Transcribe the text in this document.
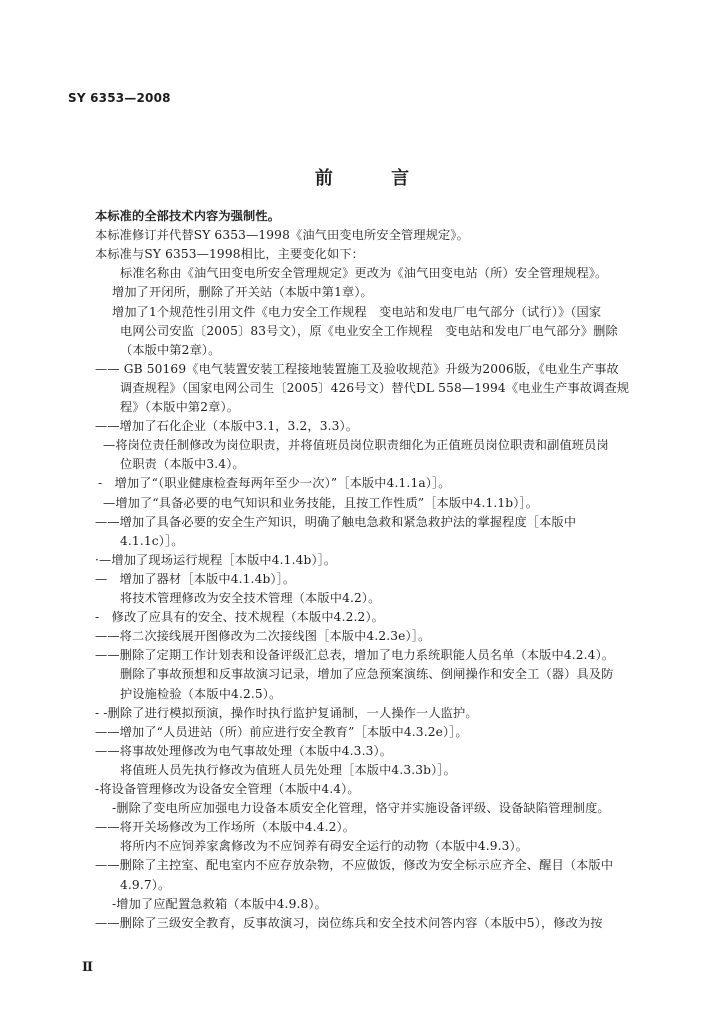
SY 6353—2008
前 言
本标准的全部技术内容为强制性。
本标准修订并代替SY 6353—1998《油气田变电所安全管理规定》。
本标准与SY 6353—1998相比，主要变化如下：
标准名称由《油气田变电所安全管理规定》更改为《油气田变电站（所）安全管理规程》。
增加了开闭所，删除了开关站（本版中第1章）。
增加了1个规范性引用文件《电力安全工作规程　变电站和发电厂电气部分（试行）》（国家
电网公司安监〔2005〕83号文），原《电业安全工作规程　变电站和发电厂电气部分》删除
（本版中第2章）。
—— GB 50169《电气装置安装工程接地装置施工及验收规范》升级为2006版，《电业生产事故
调查规程》（国家电网公司生〔2005〕426号文）替代DL 558—1994《电业生产事故调查规
程》（本版中第2章）。
——增加了石化企业（本版中3.1，3.2，3.3）。
—将岗位责任制修改为岗位职责，并将值班员岗位职责细化为正值班员岗位职责和副值班员岗
位职责（本版中3.4）。
-　增加了“（职业健康检查每两年至少一次）”［本版中4.1.1a）］。
—增加了“具备必要的电气知识和业务技能，且按工作性质”［本版中4.1.1b）］。
——增加了具备必要的安全生产知识，明确了触电急救和紧急救护法的掌握程度［本版中
4.1.1c）］。
·—增加了现场运行规程［本版中4.1.4b）］。
—　增加了器材［本版中4.1.4b）］。
将技术管理修改为安全技术管理（本版中4.2）。
-　修改了应具有的安全、技术规程（本版中4.2.2）。
——将二次接线展开图修改为二次接线图［本版中4.2.3e）］。
——删除了定期工作计划表和设备评级汇总表，增加了电力系统职能人员名单（本版中4.2.4）。
删除了事故预想和反事故演习记录，增加了应急预案演练、倒闸操作和安全工（器）具及防
护设施检验（本版中4.2.5）。
- -删除了进行模拟预演，操作时执行监护复诵制，一人操作一人监护。
——增加了“人员进站（所）前应进行安全教育”［本版中4.3.2e）］。
——将事故处理修改为电气事故处理（本版中4.3.3）。
将值班人员先执行修改为值班人员先处理［本版中4.3.3b）］。
-将设备管理修改为设备安全管理（本版中4.4）。
-删除了变电所应加强电力设备本质安全化管理，恪守并实施设备评级、设备缺陷管理制度。
——将开关场修改为工作场所（本版中4.4.2）。
将所内不应饲养家禽修改为不应饲养有碍安全运行的动物（本版中4.9.3）。
——删除了主控室、配电室内不应存放杂物，不应做饭，修改为安全标示应齐全、醒目（本版中
4.9.7）。
-增加了应配置急救箱（本版中4.9.8）。
——删除了三级安全教育，反事故演习，岗位练兵和安全技术问答内容（本版中5），修改为按
Ⅱ
